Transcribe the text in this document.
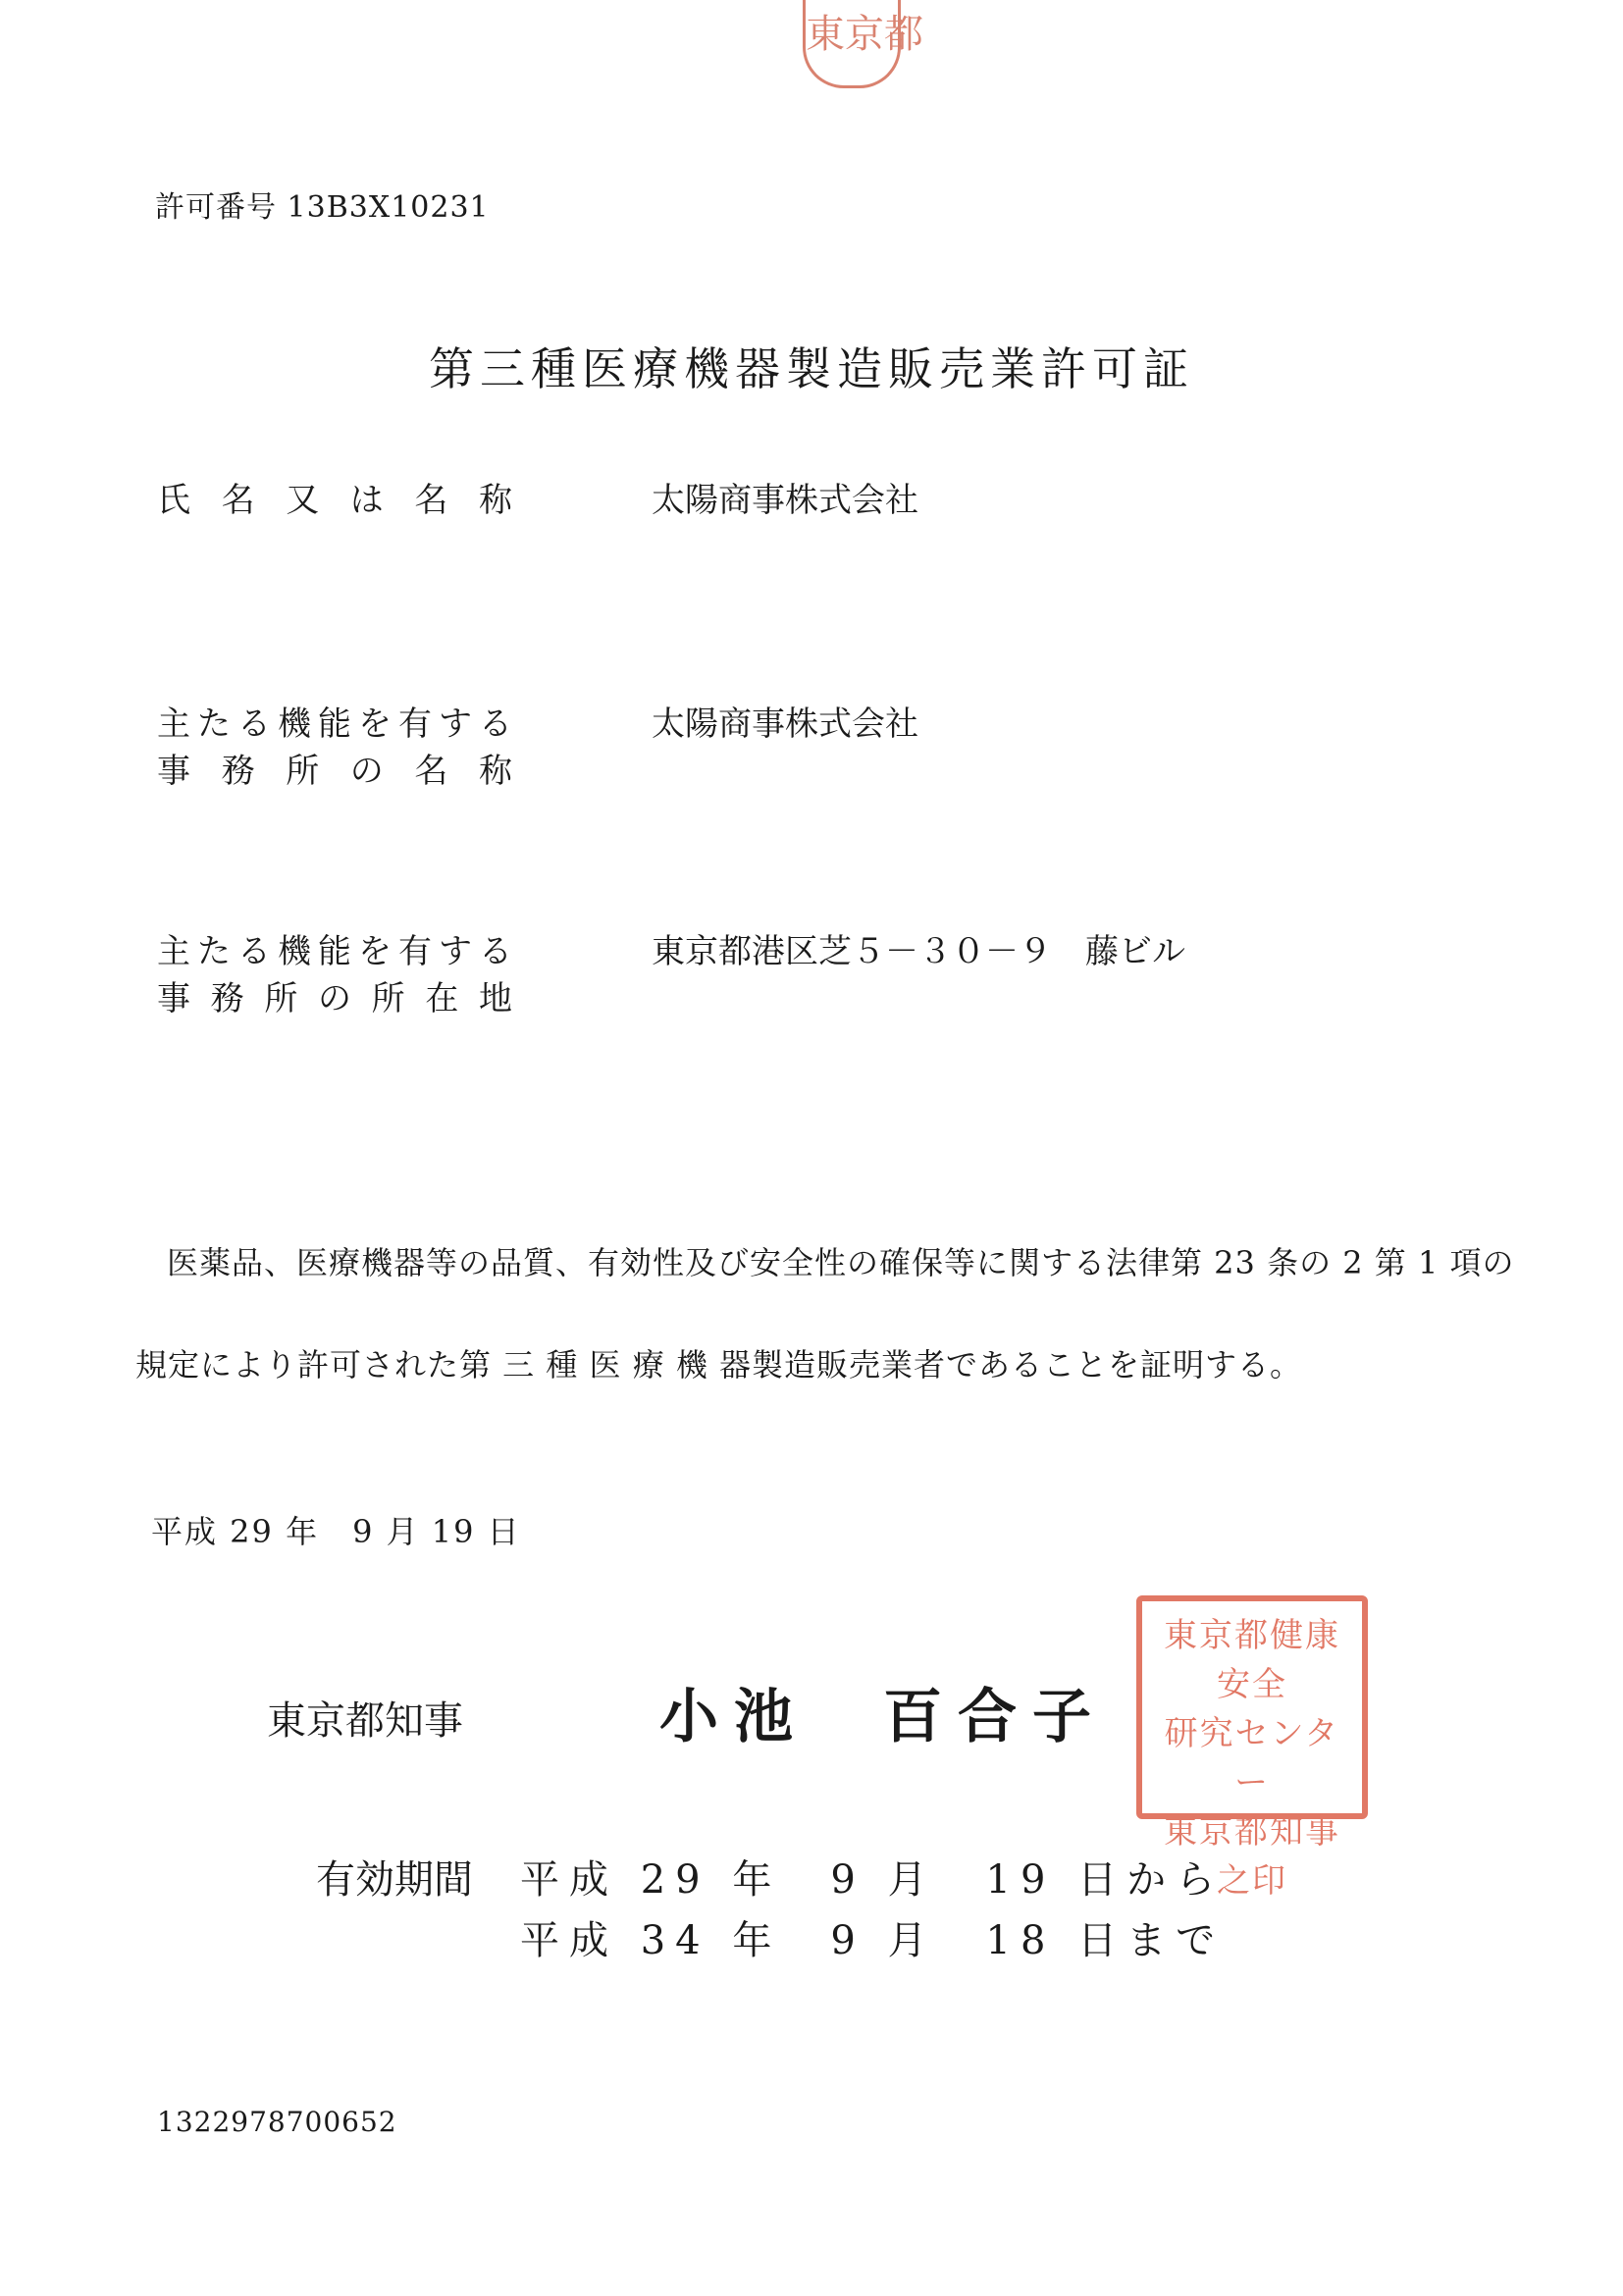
東京都
許可番号 13B3X10231
第三種医療機器製造販売業許可証
氏名又は名称	太陽商事株式会社
主たる機能を有する
事務所の名称
太陽商事株式会社
主たる機能を有する
事務所の所在地
東京都港区芝５－３０－９　藤ビル
医薬品、医療機器等の品質、有効性及び安全性の確保等に関する法律第 23 条の 2 第 1 項の
規定により許可された第 三 種 医 療 機 器製造販売業者であることを証明する。
平成 29 年　9 月 19 日
東京都知事	小池　百合子
東京都健康安全
研究センター
東京都知事
之印
有効期間 平成 29 年　9 月　19 日から
平成 34 年　9 月　18 日まで
1322978700652
